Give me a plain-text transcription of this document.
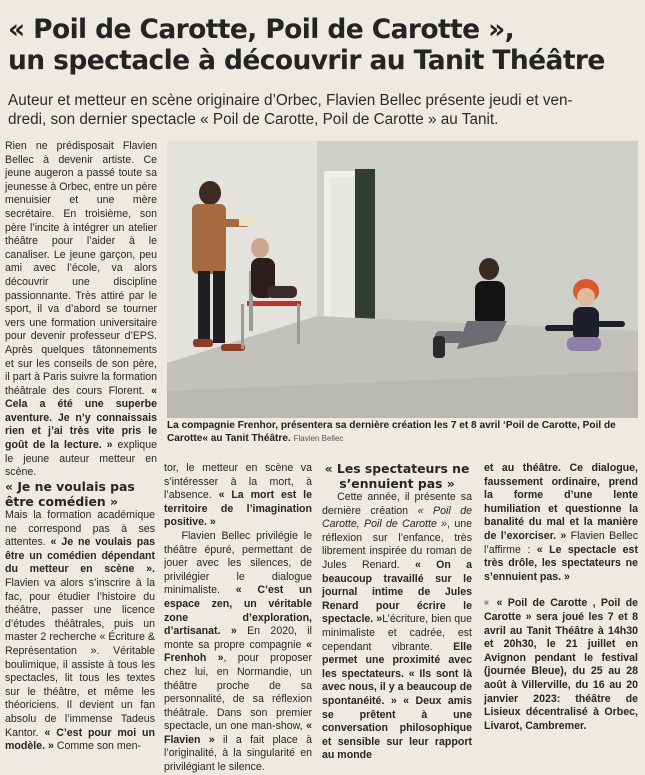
« Poil de Carotte, Poil de Carotte »,
un spectacle à découvrir au Tanit Théâtre

Auteur et metteur en scène originaire d’Orbec, Flavien Bellec présente jeudi et ven-
dredi, son dernier spectacle « Poil de Carotte, Poil de Carotte » au Tanit.

Rien ne prédisposait Flavien Bellec à devenir artiste. Ce jeune augeron a passé toute sa jeunesse à Orbec, entre un père menuisier et une mère secrétaire. En troisième, son père l’incite à intégrer un atelier théâtre pour l’aider à le canaliser. Le jeune garçon, peu ami avec l’école, va alors découvrir une discipline passionnante. Très attiré par le sport, il va d’abord se tourner vers une formation universitaire pour devenir professeur d’EPS. Après quelques tâtonnements et sur les conseils de son père, il part à Paris suivre la formation théâtrale des cours Florent. « Cela a été une superbe aventure. Je n’y connaissais rien et j’ai très vite pris le goût de la lecture. » explique le jeune auteur metteur en scène.

La compagnie Frenhor, présentera sa dernière création les 7 et 8 avril ‘Poil de Carotte, Poil de Carotte« au Tanit Théâtre. Flavien Bellec

« Je ne voulais pas être comédien »

Mais la formation académique ne correspond pas à ses attentes. « Je ne voulais pas être un comédien dépendant du metteur en scène ». Flavien va alors s’inscrire à la fac, pour étudier l’histoire du théâtre, passer une licence d’études théâtrales, puis un master 2 recherche « Écriture & Représentation ». Véritable boulimique, il assiste à tous les spectacles, lit tous les textes sur le théâtre, et même les théoriciens. Il devient un fan absolu de l’immense Tadeus Kantor. « C’est pour moi un modèle. » Comme son men-

tor, le metteur en scène va s’intéresser à la mort, à l’absence. « La mort est le territoire de l’imagination positive. »

Flavien Bellec privilégie le théâtre épuré, permettant de jouer avec les silences, de privilégier le dialogue minimaliste. « C’est un espace zen, un véritable zone d’exploration, d’artisanat. » En 2020, il monte sa propre compagnie « Frenhoh », pour proposer chez lui, en Normandie, un théâtre proche de sa personnalité, de sa réflexion théâtrale. Dans son premier spectacle, un one man-show, « Flavien » il a fait place à l’originalité, à la singularité en privilégiant le silence.

« Les spectateurs ne s’ennuient pas »

Cette année, il présente sa dernière création « Poil de Carotte, Poil de Carotte », une réflexion sur l’enfance, très librement inspirée du roman de Jules Renard. « On a beaucoup travaillé sur le journal intime de Jules Renard pour écrire le spectacle. »L’écriture, bien que minimaliste et cadrée, est cependant vibrante. Elle permet une proximité avec les spectateurs. « Ils sont là avec nous, il y a beaucoup de spontanéité. » « Deux amis se prêtent à une conversation philosophique et sensible sur leur rapport au monde

et au théâtre. Ce dialogue, faussement ordinaire, prend la forme d’une lente humiliation et questionne la banalité du mal et la manière de l’exorciser. » Flavien Bellec l’affirme : « Le spectacle est très drôle, les spectateurs ne s’ennuient pas. »

■ « Poil de Carotte , Poil de Carotte » sera joué les 7 et 8 avril au Tanit Théâtre à 14h30 et 20h30, le 21 juillet en Avignon pendant le festival (journée Bleue), du 25 au 28 août à Villerville, du 16 au 20 janvier 2023: théâtre de Lisieux décentralisé à Orbec, Livarot, Cambremer.
